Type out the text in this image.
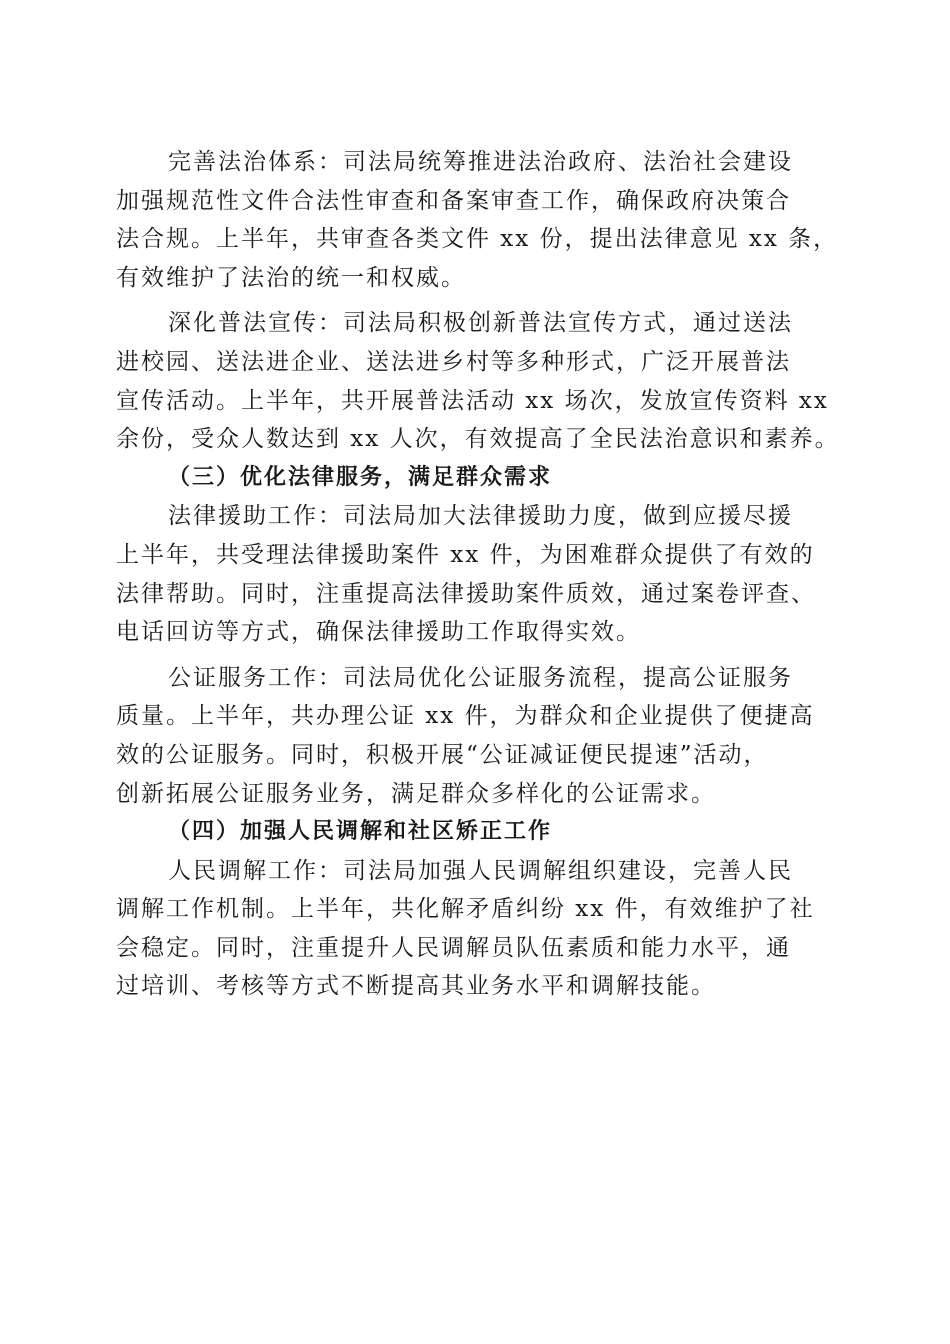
完善法治体系：司法局统筹推进法治政府、法治社会建设
加强规范性文件合法性审查和备案审查工作，确保政府决策合
法合规。上半年，共审查各类文件 xx 份，提出法律意见 xx 条，
有效维护了法治的统一和权威。
深化普法宣传：司法局积极创新普法宣传方式，通过送法
进校园、送法进企业、送法进乡村等多种形式，广泛开展普法
宣传活动。上半年，共开展普法活动 xx 场次，发放宣传资料 xx
余份，受众人数达到 xx 人次，有效提高了全民法治意识和素养。
（三）优化法律服务，满足群众需求
法律援助工作：司法局加大法律援助力度，做到应援尽援
上半年，共受理法律援助案件 xx 件，为困难群众提供了有效的
法律帮助。同时，注重提高法律援助案件质效，通过案卷评查、
电话回访等方式，确保法律援助工作取得实效。
公证服务工作：司法局优化公证服务流程，提高公证服务
质量。上半年，共办理公证 xx 件，为群众和企业提供了便捷高
效的公证服务。同时，积极开展“公证减证便民提速”活动，
创新拓展公证服务业务，满足群众多样化的公证需求。
（四）加强人民调解和社区矫正工作
人民调解工作：司法局加强人民调解组织建设，完善人民
调解工作机制。上半年，共化解矛盾纠纷 xx 件，有效维护了社
会稳定。同时，注重提升人民调解员队伍素质和能力水平，通
过培训、考核等方式不断提高其业务水平和调解技能。
